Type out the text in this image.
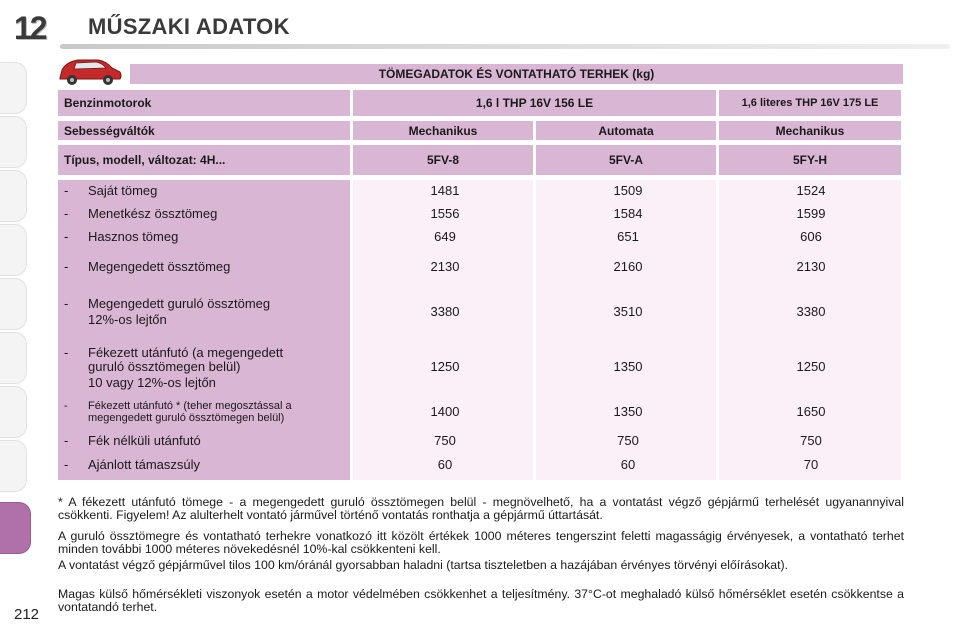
12	MŰSZAKI ADATOK
TÖMEGADATOK ÉS VONTATHATÓ TERHEK (kg)
Benzinmotorok	1,6 l THP 16V 156 LE	1,6 literes THP 16V 175 LE
Sebességváltók	Mechanikus	Automata	Mechanikus
Típus, modell, változat: 4H...	5FV-8	5FV-A	5FY-H
- Saját tömeg	1481	1509	1524
- Menetkész össztömeg	1556	1584	1599
- Hasznos tömeg	649	651	606
- Megengedett össztömeg	2130	2160	2130
- Megengedett guruló össztömeg
12%-os lejtőn
3380	3510	3380
- Fékezett utánfutó (a megengedett
guruló össztömegen belül)
10 vagy 12%-os lejtőn
1250	1350	1250
- Fékezett utánfutó * (teher megosztással a
megengedett guruló össztömegen belül)	1400	1350	1650
- Fék nélküli utánfutó	750	750	750
- Ajánlott támaszsúly	60	60	70
* A fékezett utánfutó tömege - a megengedett guruló össztömegen belül - megnövelhető, ha a vontatást végző gépjármű terhelését ugyanannyival csökkenti. Figyelem! Az alulterhelt vontató járművel történő vontatás ronthatja a gépjármű úttartását.
A guruló össztömegre és vontatható terhekre vonatkozó itt közölt értékek 1000 méteres tengerszint feletti magasságig érvényesek, a vontatható terhet minden további 1000 méteres növekedésnél 10%-kal csökkenteni kell.
A vontatást végző gépjárművel tilos 100 km/óránál gyorsabban haladni (tartsa tiszteletben a hazájában érvényes törvényi előírásokat).
Magas külső hőmérsékleti viszonyok esetén a motor védelmében csökkenhet a teljesítmény. 37°C-ot meghaladó külső hőmérséklet esetén csökkentse a vontatandó terhet.
212
